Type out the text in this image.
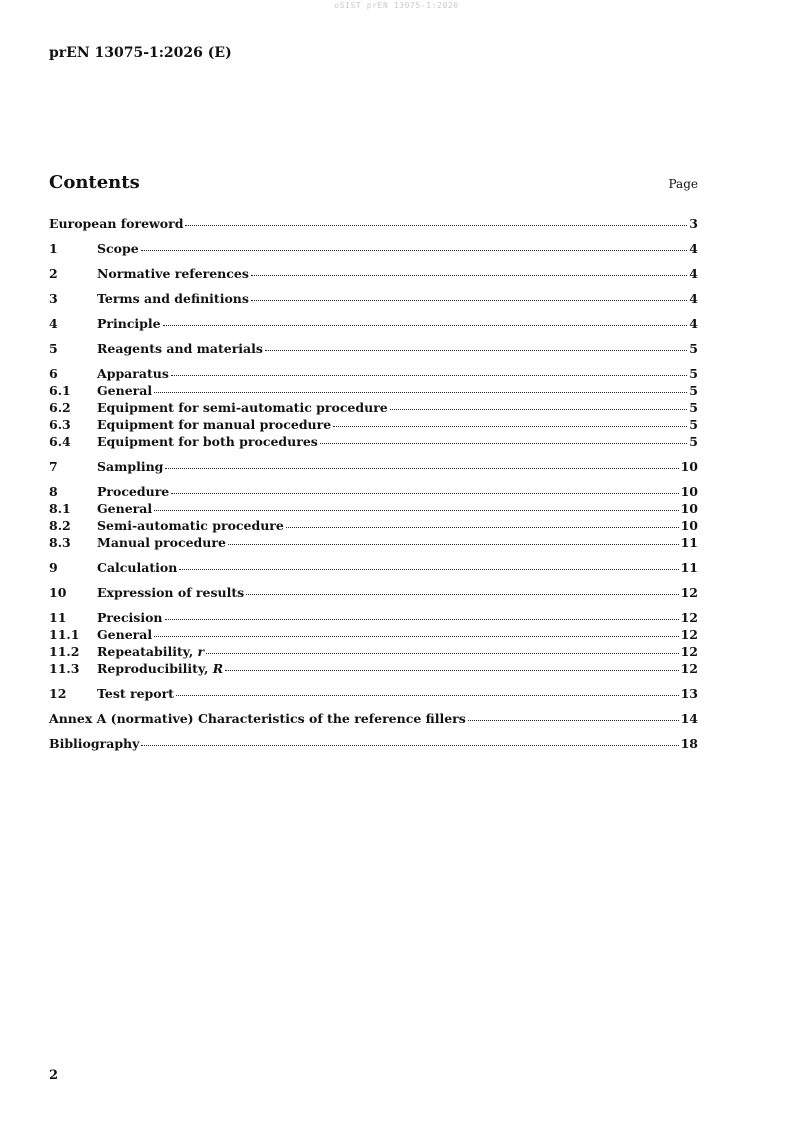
oSIST prEN 13075-1:2026
prEN 13075-1:2026 (E)
Contents	Page
European foreword	3
1	Scope	4
2	Normative references	4
3	Terms and definitions	4
4	Principle	4
5	Reagents and materials	5
6	Apparatus	5
6.1	General	5
6.2	Equipment for semi-automatic procedure	5
6.3	Equipment for manual procedure	5
6.4	Equipment for both procedures	5
7	Sampling	10
8	Procedure	10
8.1	General	10
8.2	Semi-automatic procedure	10
8.3	Manual procedure	11
9	Calculation	11
10	Expression of results	12
11	Precision	12
11.1	General	12
11.2	Repeatability, r	12
11.3	Reproducibility, R	12
12	Test report	13
Annex A (normative) Characteristics of the reference fillers	14
Bibliography	18
2
